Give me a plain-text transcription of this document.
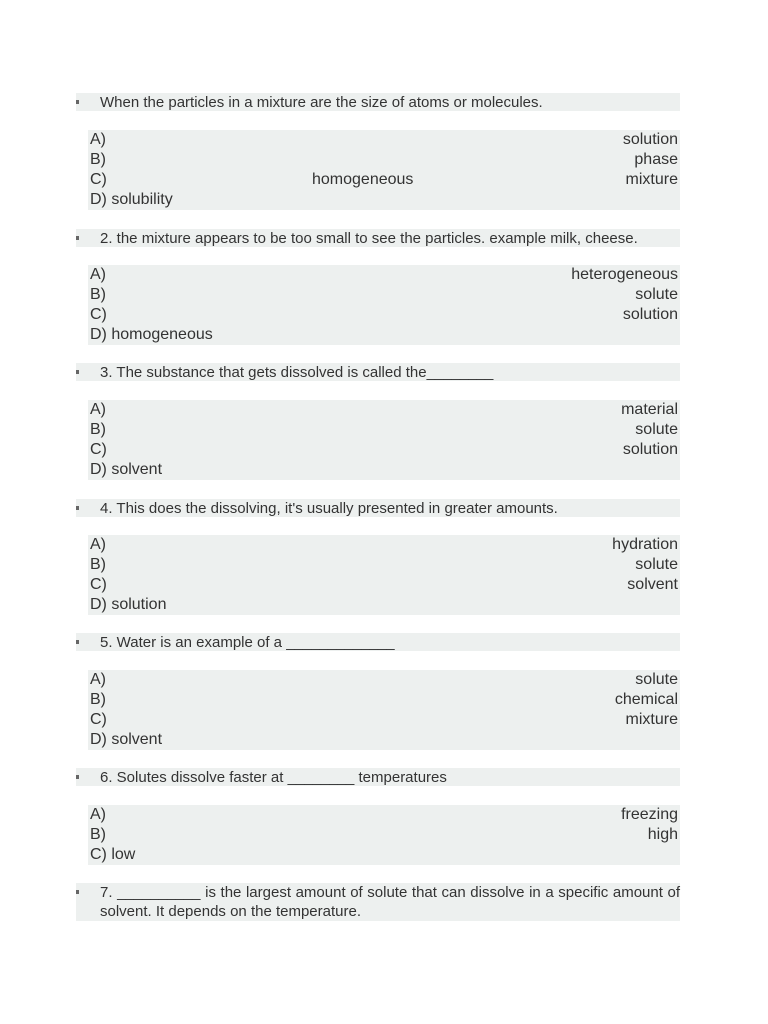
When the particles in a mixture are the size of atoms or molecules.
A)	solution
B)	phase
C)	homogeneous	mixture
D) solubility
2. the mixture appears to be too small to see the particles. example milk, cheese.
A)	heterogeneous
B)	solute
C)	solution
D) homogeneous
3. The substance that gets dissolved is called the________
A)	material
B)	solute
C)	solution
D) solvent
4. This does the dissolving, it's usually presented in greater amounts.
A)	hydration
B)	solute
C)	solvent
D) solution
5. Water is an example of a _____________
A)	solute
B)	chemical
C)	mixture
D) solvent
6. Solutes dissolve faster at ________ temperatures
A)	freezing
B)	high
C) low
7. __________ is the largest amount of solute that can dissolve in a specific amount of solvent. It depends on the temperature.
